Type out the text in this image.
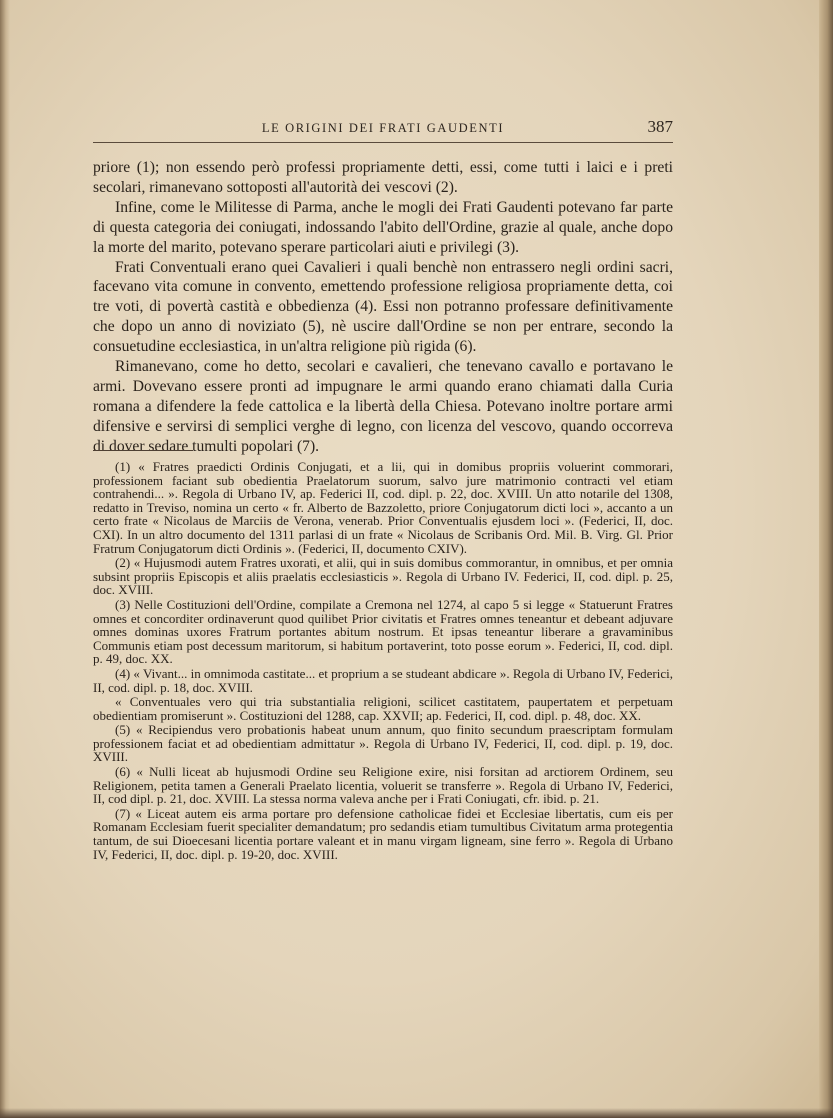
LE ORIGINI DEI FRATI GAUDENTI	387

priore (1); non essendo però professi propriamente detti, essi, come tutti i laici e i preti secolari, rimanevano sottoposti all'autorità dei vescovi (2).

Infine, come le Militesse di Parma, anche le mogli dei Frati Gaudenti potevano far parte di questa categoria dei coniugati, indossando l'abito dell'Ordine, grazie al quale, anche dopo la morte del marito, potevano sperare particolari aiuti e privilegi (3).

Frati Conventuali erano quei Cavalieri i quali benchè non entrassero negli ordini sacri, facevano vita comune in convento, emettendo professione religiosa propriamente detta, coi tre voti, di povertà castità e obbedienza (4). Essi non potranno professare definitivamente che dopo un anno di noviziato (5), nè uscire dall'Ordine se non per entrare, secondo la consuetudine ecclesiastica, in un'altra religione più rigida (6).

Rimanevano, come ho detto, secolari e cavalieri, che tenevano cavallo e portavano le armi. Dovevano essere pronti ad impugnare le armi quando erano chiamati dalla Curia romana a difendere la fede cattolica e la libertà della Chiesa. Potevano inoltre portare armi difensive e servirsi di semplici verghe di legno, con licenza del vescovo, quando occorreva di dover sedare tumulti popolari (7).

(1) « Fratres praedicti Ordinis Conjugati, et a lii, qui in domibus propriis voluerint commorari, professionem faciant sub obedientia Praelatorum suorum, salvo jure matrimonio contracti vel etiam contrahendi... ». Regola di Urbano IV, ap. Federici II, cod. dipl. p. 22, doc. XVIII. Un atto notarile del 1308, redatto in Treviso, nomina un certo « fr. Alberto de Bazzoletto, priore Conjugatorum dicti loci », accanto a un certo frate « Nicolaus de Marciis de Verona, venerab. Prior Conventualis ejusdem loci ». (Federici, II, doc. CXI). In un altro documento del 1311 parlasi di un frate « Nicolaus de Scribanis Ord. Mil. B. Virg. Gl. Prior Fratrum Conjugatorum dicti Ordinis ». (Federici, II, documento CXIV).

(2) « Hujusmodi autem Fratres uxorati, et alii, qui in suis domibus commorantur, in omnibus, et per omnia subsint propriis Episcopis et aliis praelatis ecclesiasticis ». Regola di Urbano IV. Federici, II, cod. dipl. p. 25, doc. XVIII.

(3) Nelle Costituzioni dell'Ordine, compilate a Cremona nel 1274, al capo 5 si legge « Statuerunt Fratres omnes et concorditer ordinaverunt quod quilibet Prior civitatis et Fratres omnes teneantur et debeant adjuvare omnes dominas uxores Fratrum portantes abitum nostrum. Et ipsas teneantur liberare a gravaminibus Communis etiam post decessum maritorum, si habitum portaverint, toto posse eorum ». Federici, II, cod. dipl. p. 49, doc. XX.

(4) « Vivant... in omnimoda castitate... et proprium a se studeant abdicare ». Regola di Urbano IV, Federici, II, cod. dipl. p. 18, doc. XVIII.

« Conventuales vero qui tria substantialia religioni, scilicet castitatem, paupertatem et perpetuam obedientiam promiserunt ». Costituzioni del 1288, cap. XXVII; ap. Federici, II, cod. dipl. p. 48, doc. XX.

(5) « Recipiendus vero probationis habeat unum annum, quo finito secundum praescriptam formulam professionem faciat et ad obedientiam admittatur ». Regola di Urbano IV, Federici, II, cod. dipl. p. 19, doc. XVIII.

(6) « Nulli liceat ab hujusmodi Ordine seu Religione exire, nisi forsitan ad arctiorem Ordinem, seu Religionem, petita tamen a Generali Praelato licentia, voluerit se transferre ». Regola di Urbano IV, Federici, II, cod dipl. p. 21, doc. XVIII. La stessa norma valeva anche per i Frati Coniugati, cfr. ibid. p. 21.

(7) « Liceat autem eis arma portare pro defensione catholicae fidei et Ecclesiae libertatis, cum eis per Romanam Ecclesiam fuerit specialiter demandatum; pro sedandis etiam tumultibus Civitatum arma protegentia tantum, de sui Dioecesani licentia portare valeant et in manu virgam ligneam, sine ferro ». Regola di Urbano IV, Federici, II, doc. dipl. p. 19-20, doc. XVIII.
